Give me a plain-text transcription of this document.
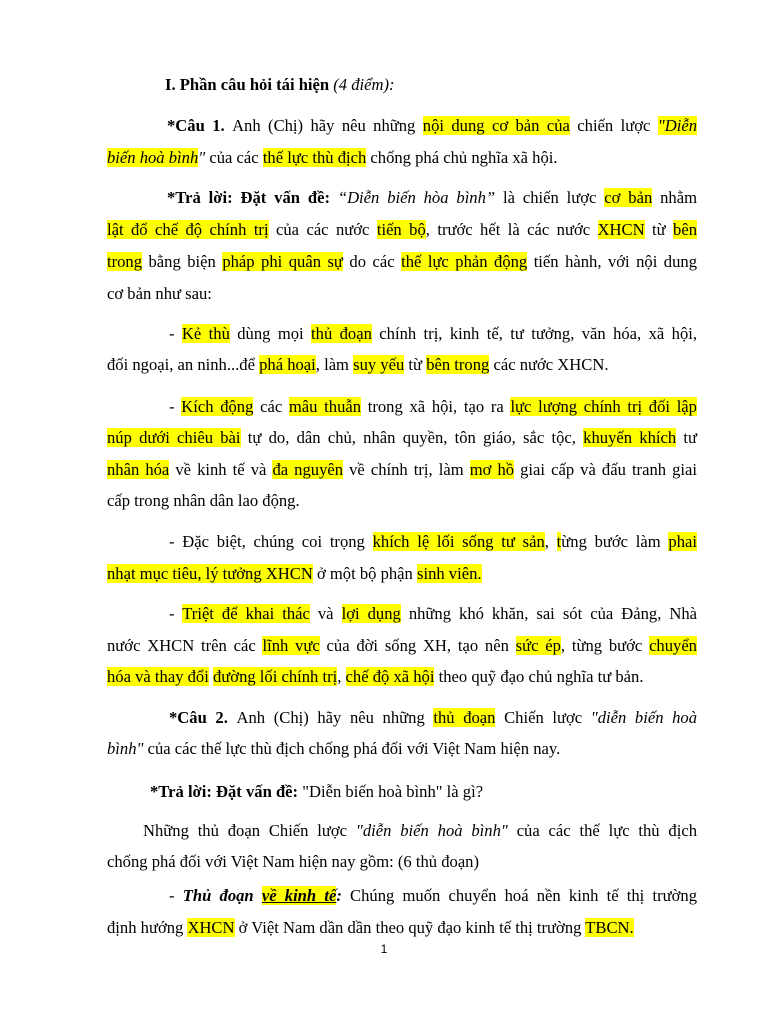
I. Phần câu hỏi tái hiện (4 điểm):
*Câu 1. Anh (Chị) hãy nêu những nội dung cơ bản của chiến lược "Diễn
biến hoà bình" của các thế lực thù địch chống phá chủ nghĩa xã hội.
*Trả lời: Đặt vấn đề: “Diễn biến hòa bình” là chiến lược cơ bản nhằm
lật đổ chế độ chính trị của các nước tiến bộ, trước hết là các nước XHCN từ bên
trong bằng biện pháp phi quân sự do các thế lực phản động tiến hành, với nội dung
cơ bản như sau:
- Kẻ thù dùng mọi thủ đoạn chính trị, kinh tế, tư tưởng, văn hóa, xã hội,
đối ngoại, an ninh...để phá hoại, làm suy yếu từ bên trong các nước XHCN.
- Kích động các mâu thuẫn trong xã hội, tạo ra lực lượng chính trị đối lập
núp dưới chiêu bài tự do, dân chủ, nhân quyền, tôn giáo, sắc tộc, khuyến khích tư
nhân hóa về kinh tế và đa nguyên về chính trị, làm mơ hồ giai cấp và đấu tranh giai
cấp trong nhân dân lao động.
- Đặc biệt, chúng coi trọng khích lệ lối sống tư sản, từng bước làm phai
nhạt mục tiêu, lý tưởng XHCN ở một bộ phận sinh viên.
- Triệt để khai thác và lợi dụng những khó khăn, sai sót của Đảng, Nhà
nước XHCN trên các lĩnh vực của đời sống XH, tạo nên sức ép, từng bước chuyển
hóa và thay đổi đường lối chính trị, chế độ xã hội theo quỹ đạo chủ nghĩa tư bản.
*Câu 2. Anh (Chị) hãy nêu những thủ đoạn Chiến lược "diễn biến hoà
bình" của các thế lực thù địch chống phá đối với Việt Nam hiện nay.
*Trả lời: Đặt vấn đề: "Diễn biến hoà bình" là gì?
Những thủ đoạn Chiến lược "diễn biến hoà bình" của các thế lực thù địch
chống phá đối với Việt Nam hiện nay gồm: (6 thủ đoạn)
- Thủ đoạn về kinh tế: Chúng muốn chuyển hoá nền kinh tế thị trường
định hướng XHCN ở Việt Nam dần dần theo quỹ đạo kinh tế thị trường TBCN.
1
